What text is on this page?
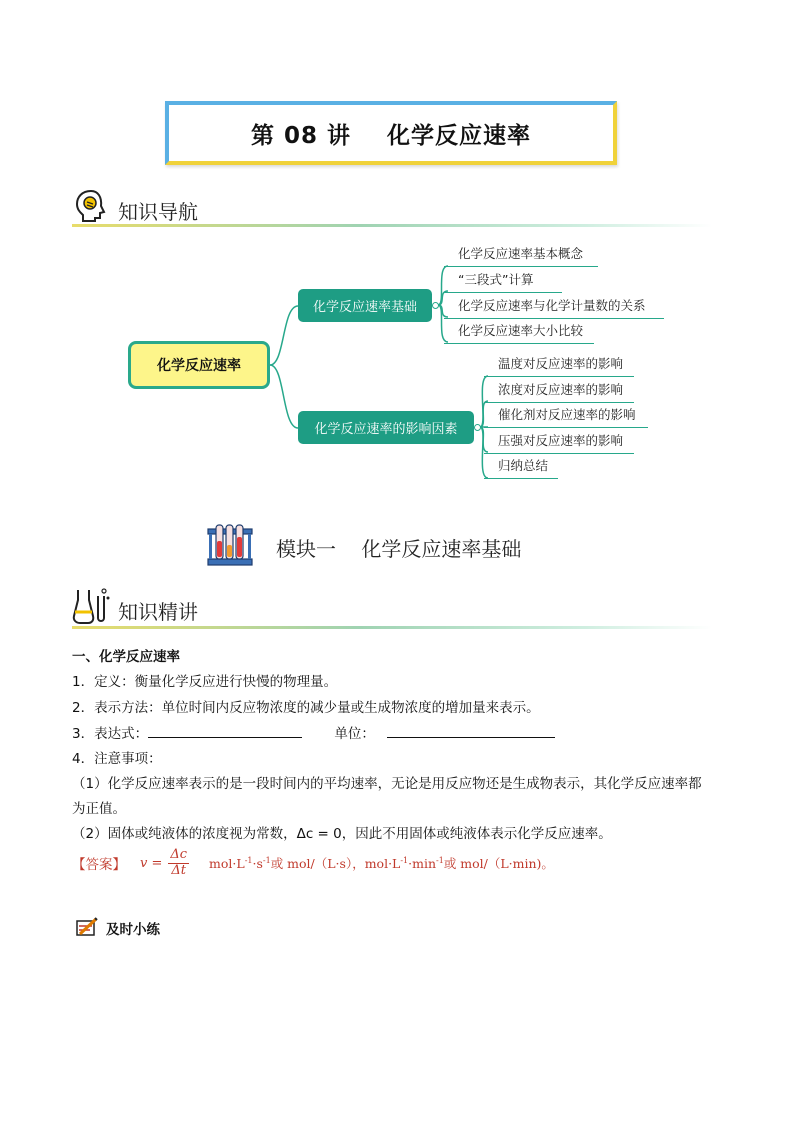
第 08 讲    化学反应速率
知识导航
化学反应速率
化学反应速率基础
化学反应速率基本概念
“三段式”计算
化学反应速率与化学计量数的关系
化学反应速率大小比较
化学反应速率的影响因素
温度对反应速率的影响
浓度对反应速率的影响
催化剂对反应速率的影响
压强对反应速率的影响
归纳总结
模块一    化学反应速率基础
知识精讲
一、化学反应速率
1．定义：衡量化学反应进行快慢的物理量。
2．表示方法：单位时间内反应物浓度的减少量或生成物浓度的增加量来表示。
3．表达式：	单位：
4．注意事项：
（1）化学反应速率表示的是一段时间内的平均速率，无论是用反应物还是生成物表示，其化学反应速率都
为正值。
（2）固体或纯液体的浓度视为常数，Δc = 0，因此不用固体或纯液体表示化学反应速率。
【答案】 $v = \frac{\Delta c}{\Delta t} mol\cdot L^{-1}\cdot s^{-1}$或 mol/（L·s），$mol\cdot L^{-1}\cdot\min^{-1}$或 mol/（L·min)。
及时小练
